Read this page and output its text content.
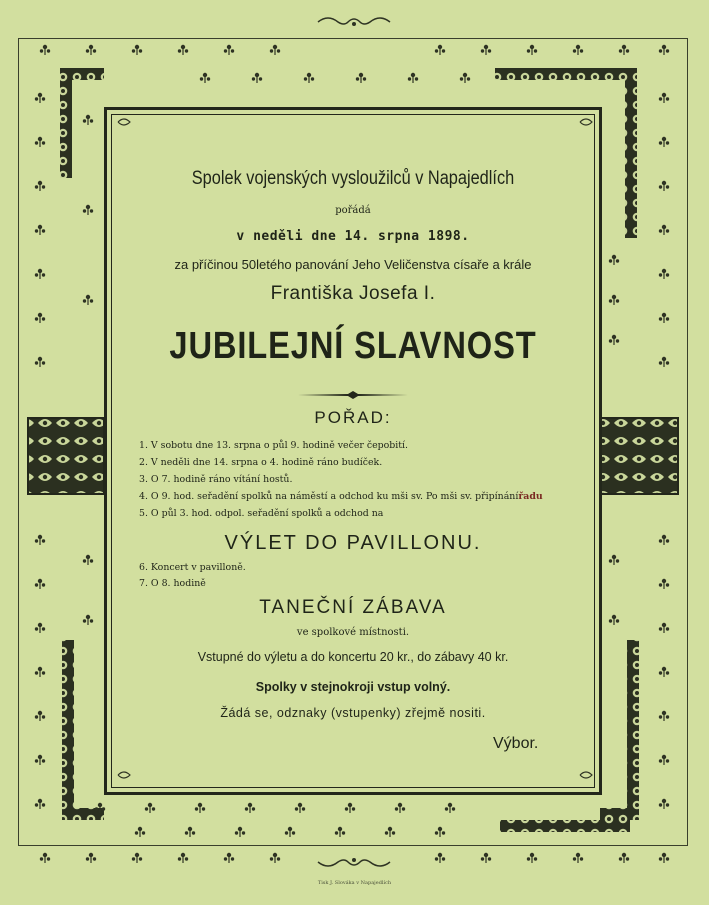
Spolek vojenských vysloužilců v Napajedlích
pořádá
v neděli dne 14. srpna 1898.
za příčinou 50letého panování Jeho Veličenstva císaře a krále
Františka Josefa I.
JUBILEJNÍ SLAVNOST
POŘAD:
1. V sobotu dne 13. srpna o půl 9. hodině večer čepobití.
2. V neděli dne 14. srpna o 4. hodině ráno budíček.
3. O 7. hodině ráno vítání hostů.
4. O 9. hod. seřadění spolků na náměstí a odchod ku mši sv. Po mši sv. připínánířadu
5. O půl 3. hod. odpol. seřadění spolků a odchod na
VÝLET DO PAVILLONU.
6. Koncert v pavilloně.
7. O 8. hodině
TANEČNÍ ZÁBAVA
ve spolkové místnosti.
Vstupné do výletu a do koncertu 20 kr., do zábavy 40 kr.
Spolky v stejnokroji vstup volný.
Žádá se, odznaky (vstupenky) zřejmě nositi.
Výbor.
Tisk J. Slováka v Napajedlích
